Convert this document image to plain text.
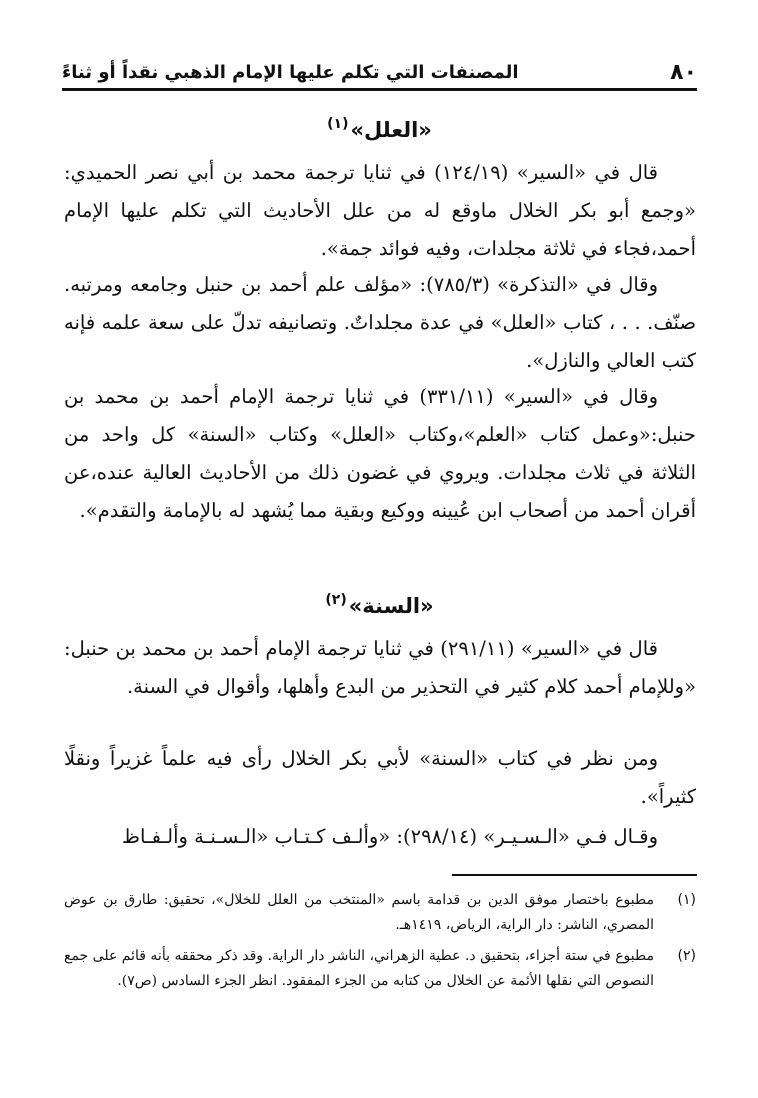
٨٠
المصنفات التي تكلم عليها الإمام الذهبي نقداً أو ثناءً
«العلل»$^{(١)}$

قال في «السير» (١٢٤/١٩) في ثنايا ترجمة محمد بن أبي نصر الحميدي: «وجمع أبو بكر الخلال ماوقع له من علل الأحاديث التي تكلم عليها الإمام أحمد،فجاء في ثلاثة مجلدات، وفيه فوائد جمة».

وقال في «التذكرة» (٧٨٥/٣): «مؤلف علم أحمد بن حنبل وجامعه ومرتبه. صنّف. . . ، كتاب «العلل» في عدة مجلداتٌ. وتصانيفه تدلّ على سعة علمه فإنه كتب العالي والنازل».

وقال في «السير» (٣٣١/١١) في ثنايا ترجمة الإمام أحمد بن محمد بن حنبل:«وعمل كتاب «العلم»،وكتاب «العلل» وكتاب «السنة» كل واحد من الثلاثة في ثلاث مجلدات. ويروي في غضون ذلك من الأحاديث العالية عنده،عن أقران أحمد من أصحاب ابن عُيينه ووكيع وبقية مما يُشهد له بالإمامة والتقدم».

«السنة»$^{(٢)}$

قال في «السير» (٢٩١/١١) في ثنايا ترجمة الإمام أحمد بن محمد بن حنبل: «وللإمام أحمد كلام كثير في التحذير من البدع وأهلها، وأقوال في السنة.

ومن نظر في كتاب «السنة» لأبي بكر الخلال رأى فيه علماً غزيراً ونقلًا كثيراً».

وقـال فـي «الـسـيـر» (٢٩٨/١٤): «وألـف كـتـاب «الـسـنـة وألـفـاظ

(١)
مطبوع باختصار موفق الدين بن قدامة باسم «المنتخب من العلل للخلال»، تحقيق: طارق بن عوض المصري، الناشر: دار الراية، الرياض، ١٤١٩هـ.

(٢)
مطبوع في ستة أجزاء، بتحقيق د. عطية الزهراني، الناشر دار الراية. وقد ذكر محققه بأنه قائم على جمع النصوص التي نقلها الأئمة عن الخلال من كتابه من الجزء المفقود. انظر الجزء السادس (ص٧).
